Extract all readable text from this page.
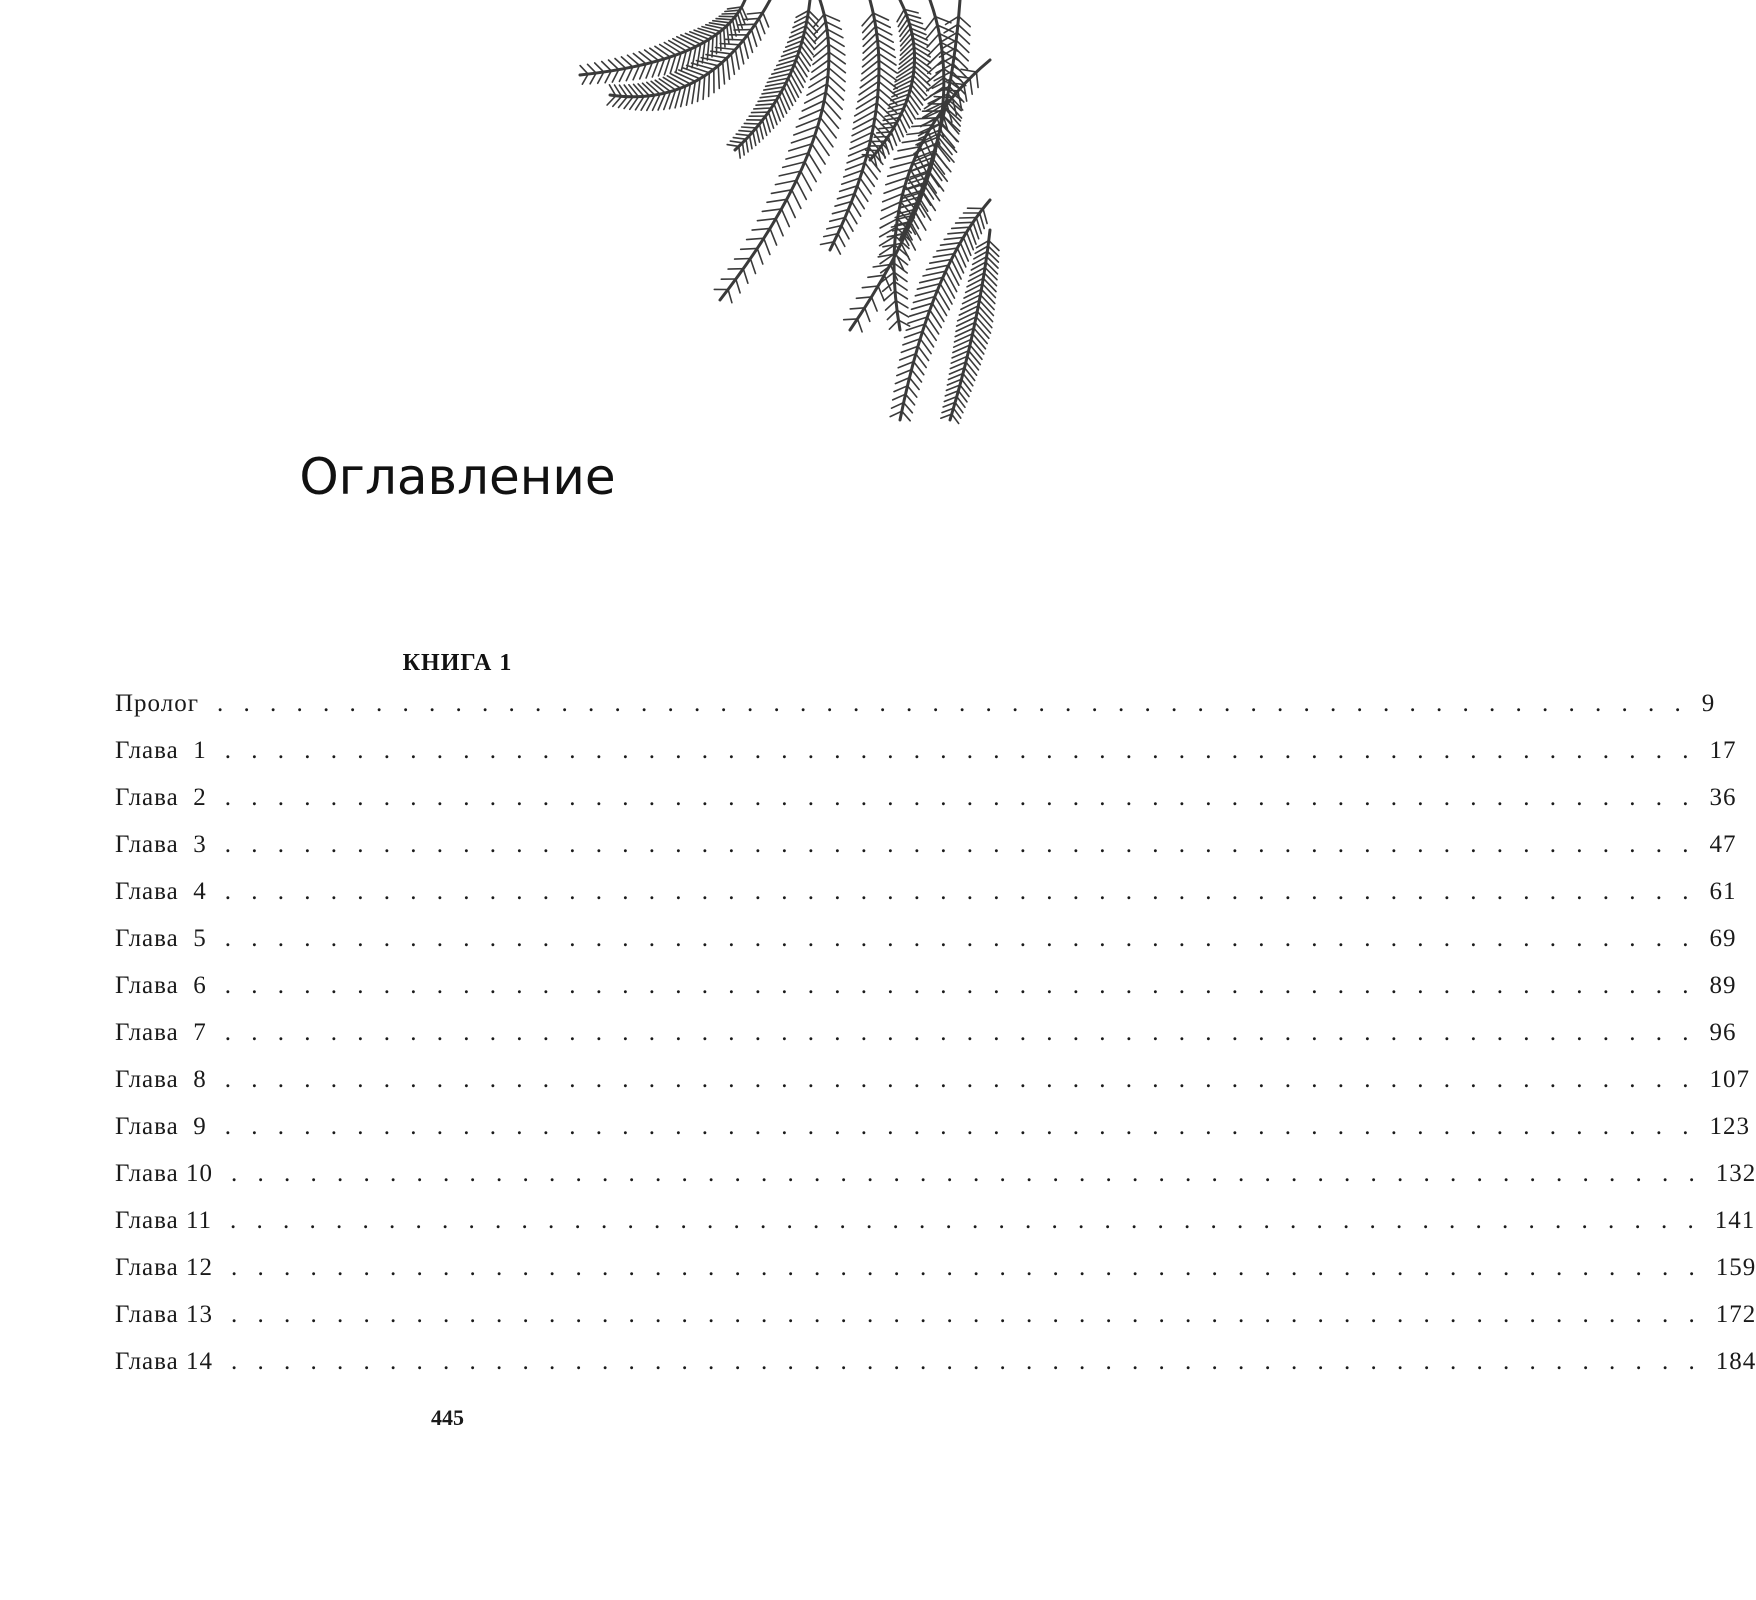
Оглавление
КНИГА 1
Пролог . . . . . . . . . . . . . . . . . . . . . . . . . . . . . . . . . . . . . . . . . . . . . . . . . . . . . . . . 9
Глава  1 . . . . . . . . . . . . . . . . . . . . . . . . . . . . . . . . . . . . . . . . . . . . . . . . . . . . . . . . 17
Глава  2 . . . . . . . . . . . . . . . . . . . . . . . . . . . . . . . . . . . . . . . . . . . . . . . . . . . . . . . . 36
Глава  3 . . . . . . . . . . . . . . . . . . . . . . . . . . . . . . . . . . . . . . . . . . . . . . . . . . . . . . . . 47
Глава  4 . . . . . . . . . . . . . . . . . . . . . . . . . . . . . . . . . . . . . . . . . . . . . . . . . . . . . . . . 61
Глава  5 . . . . . . . . . . . . . . . . . . . . . . . . . . . . . . . . . . . . . . . . . . . . . . . . . . . . . . . . 69
Глава  6 . . . . . . . . . . . . . . . . . . . . . . . . . . . . . . . . . . . . . . . . . . . . . . . . . . . . . . . . 89
Глава  7 . . . . . . . . . . . . . . . . . . . . . . . . . . . . . . . . . . . . . . . . . . . . . . . . . . . . . . . . 96
Глава  8 . . . . . . . . . . . . . . . . . . . . . . . . . . . . . . . . . . . . . . . . . . . . . . . . . . . . . . . . 107
Глава  9 . . . . . . . . . . . . . . . . . . . . . . . . . . . . . . . . . . . . . . . . . . . . . . . . . . . . . . . . 123
Глава 10 . . . . . . . . . . . . . . . . . . . . . . . . . . . . . . . . . . . . . . . . . . . . . . . . . . . . . . . . 132
Глава 11 . . . . . . . . . . . . . . . . . . . . . . . . . . . . . . . . . . . . . . . . . . . . . . . . . . . . . . . . 141
Глава 12 . . . . . . . . . . . . . . . . . . . . . . . . . . . . . . . . . . . . . . . . . . . . . . . . . . . . . . . . 159
Глава 13 . . . . . . . . . . . . . . . . . . . . . . . . . . . . . . . . . . . . . . . . . . . . . . . . . . . . . . . . 172
Глава 14 . . . . . . . . . . . . . . . . . . . . . . . . . . . . . . . . . . . . . . . . . . . . . . . . . . . . . . . . 184
445
